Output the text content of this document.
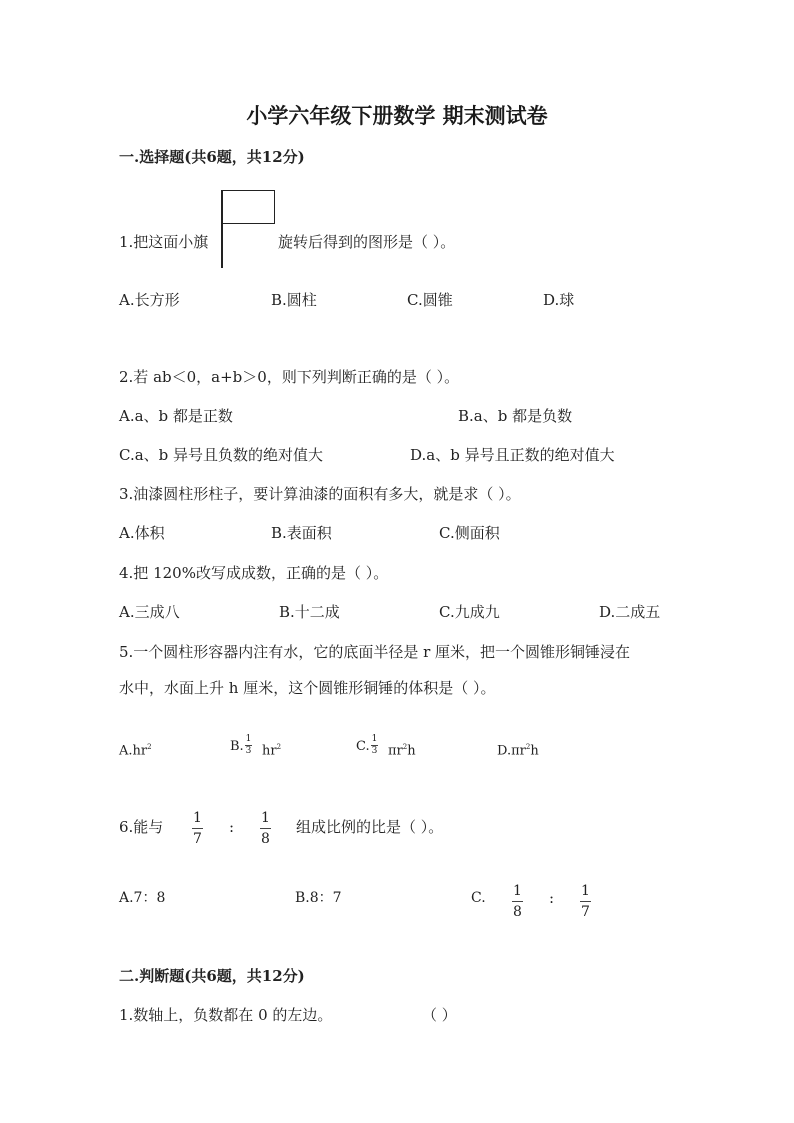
小学六年级下册数学 期末测试卷
一.选择题(共6题，共12分)
1.把这面小旗	旋转后得到的图形是（ ）。
A.长方形	B.圆柱	C.圆锥	D.球
2.若 ab＜0，a+b＞0，则下列判断正确的是（ ）。
A.a、b 都是正数	B.a、b 都是负数
C.a、b 异号且负数的绝对值大	D.a、b 异号且正数的绝对值大
3.油漆圆柱形柱子，要计算油漆的面积有多大，就是求（ ）。
A.体积	B.表面积	C.侧面积
4.把 120%改写成成数，正确的是（ ）。
A.三成八	B.十二成	C.九成九	D.二成五
5.一个圆柱形容器内注有水，它的底面半径是 r 厘米，把一个圆锥形铜锤浸在
水中，水面上升 h 厘米，这个圆锥形铜锤的体积是（ ）。
$A.hr^2$	B. 1
3 $hr^2$	C. 1
3 $\pi r^2h$	$D.\pi r^2h$
6.能与 1
7
: 1
8
组成比例的比是（ ）。
A.7：8	B.8：7	C. 1
8
: 1
7
二.判断题(共6题，共12分)
1.数轴上，负数都在 0 的左边。	（ ）
